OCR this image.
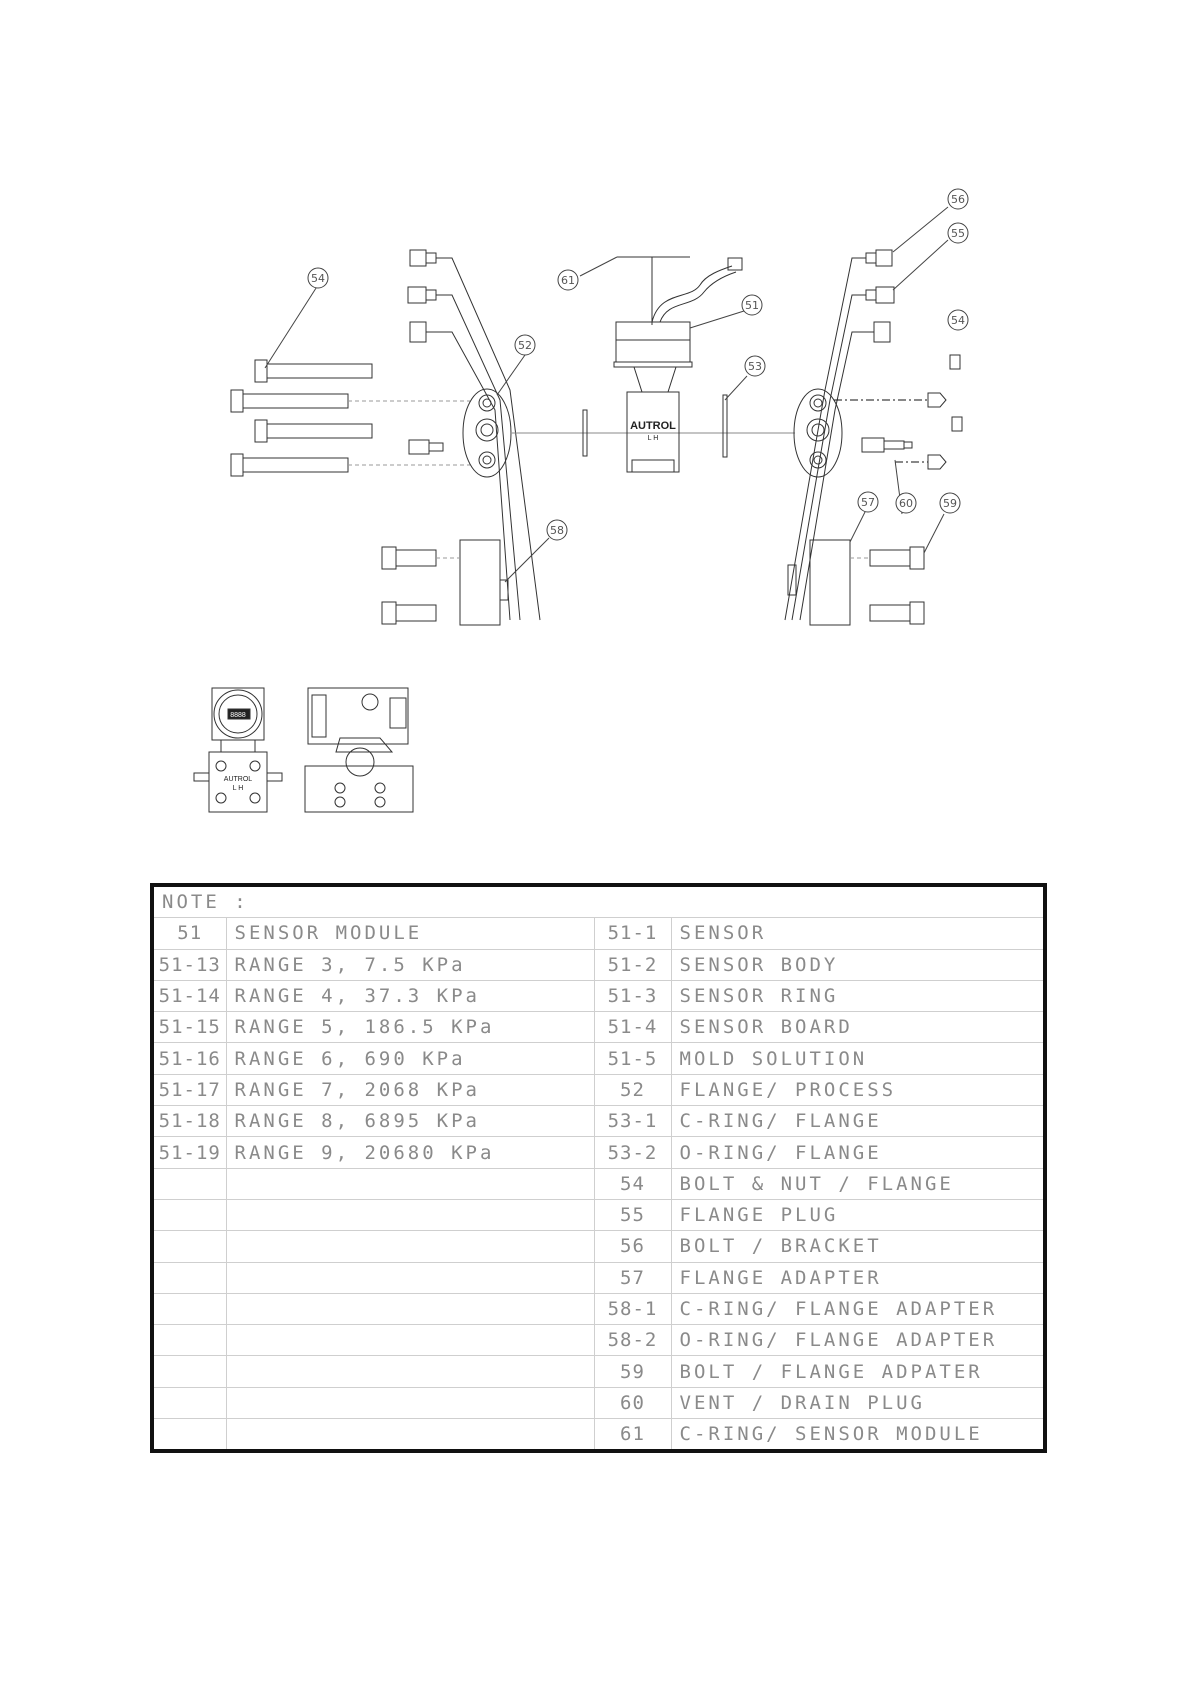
54
52
61
51
53
56
55
54
58
57 60	59
AUTROL
L H
8888
AUTROL
L H
NOTE :			
51	SENSOR MODULE	51-1	SENSOR
51-13	RANGE 3, 7.5 KPa	51-2	SENSOR BODY
51-14	RANGE 4, 37.3 KPa	51-3	SENSOR RING
51-15	RANGE 5, 186.5 KPa	51-4	SENSOR BOARD
51-16	RANGE 6, 690 KPa	51-5	MOLD SOLUTION
51-17	RANGE 7, 2068 KPa	52	FLANGE/ PROCESS
51-18	RANGE 8, 6895 KPa	53-1	C-RING/ FLANGE
51-19	RANGE 9, 20680 KPa	53-2	O-RING/ FLANGE
		54	BOLT & NUT / FLANGE
		55	FLANGE PLUG
		56	BOLT / BRACKET
		57	FLANGE ADAPTER
		58-1	C-RING/ FLANGE ADAPTER
		58-2	O-RING/ FLANGE ADAPTER
		59	BOLT / FLANGE ADPATER
		60	VENT / DRAIN PLUG
		61	C-RING/ SENSOR MODULE
